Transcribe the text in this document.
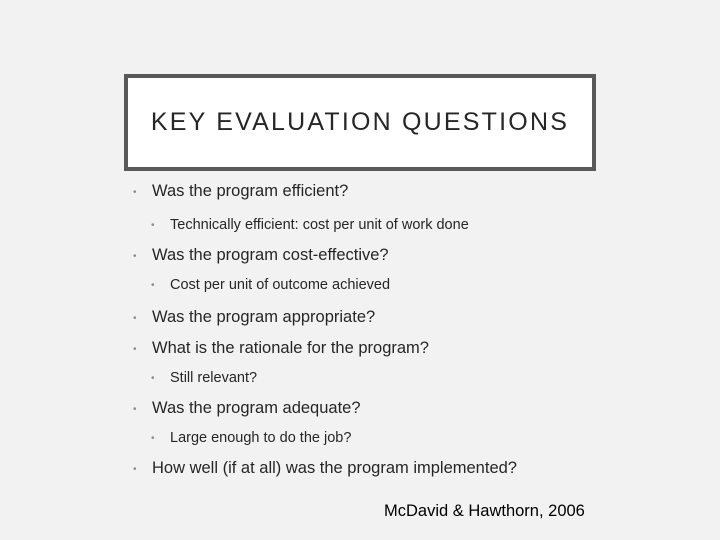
KEY EVALUATION QUESTIONS
• Was the program efficient?
• Technically efficient: cost per unit of work done
• Was the program cost-effective?
• Cost per unit of outcome achieved
• Was the program appropriate?
• What is the rationale for the program?
• Still relevant?
• Was the program adequate?
• Large enough to do the job?
• How well (if at all) was the program implemented?
McDavid & Hawthorn, 2006
